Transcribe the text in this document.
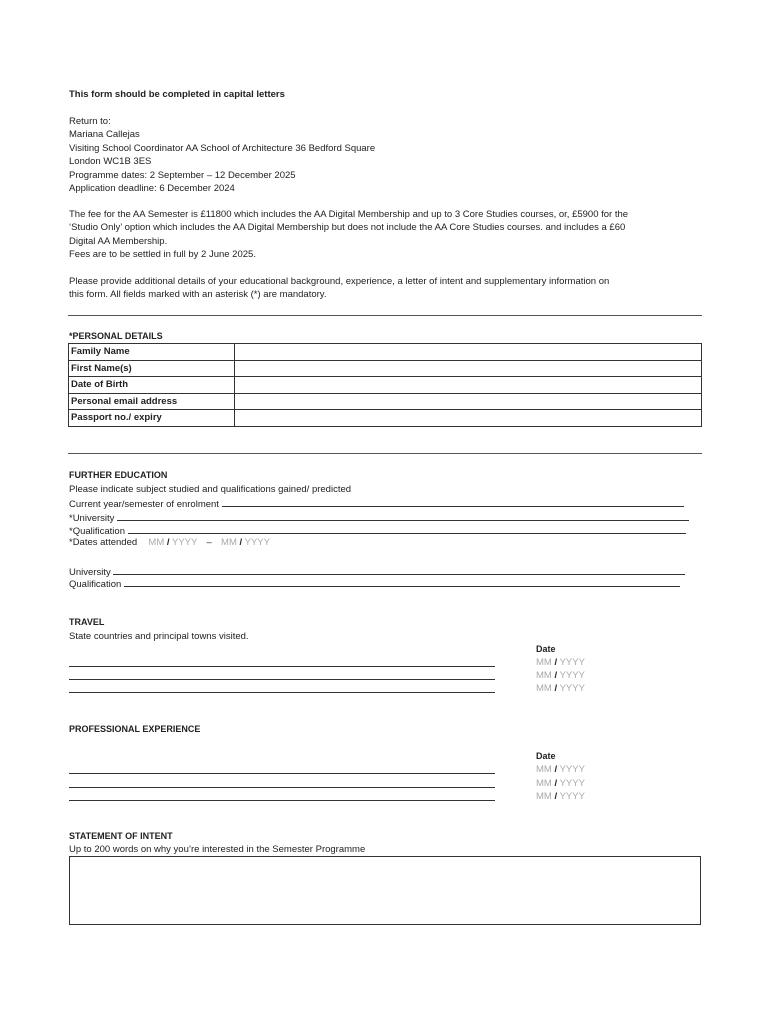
This form should be completed in capital letters
Return to:
Mariana Callejas
Visiting School Coordinator AA School of Architecture 36 Bedford Square
London WC1B 3ES
Programme dates: 2 September – 12 December 2025
Application deadline: 6 December 2024
The fee for the AA Semester is £11800 which includes the AA Digital Membership and up to 3 Core Studies courses, or, £5900 for the
‘Studio Only’ option which includes the AA Digital Membership but does not include the AA Core Studies courses. and includes a £60
Digital AA Membership.
Fees are to be settled in full by 2 June 2025.
Please provide additional details of your educational background, experience, a letter of intent and supplementary information on
this form. All fields marked with an asterisk (*) are mandatory.
*PERSONAL DETAILS
Family Name	
First Name(s)	
Date of Birth	
Personal email address	
Passport no./ expiry	
FURTHER EDUCATION
Please indicate subject studied and qualifications gained/ predicted
Current year/semester of enrolment
*University
*Qualification
*Dates attended MM / YYYY – MM / YYYY
University
Qualification
TRAVEL
State countries and principal towns visited.
Date
MM / YYYY
MM / YYYY
MM / YYYY
PROFESSIONAL EXPERIENCE
Date
MM / YYYY
MM / YYYY
MM / YYYY
STATEMENT OF INTENT
Up to 200 words on why you’re interested in the Semester Programme
